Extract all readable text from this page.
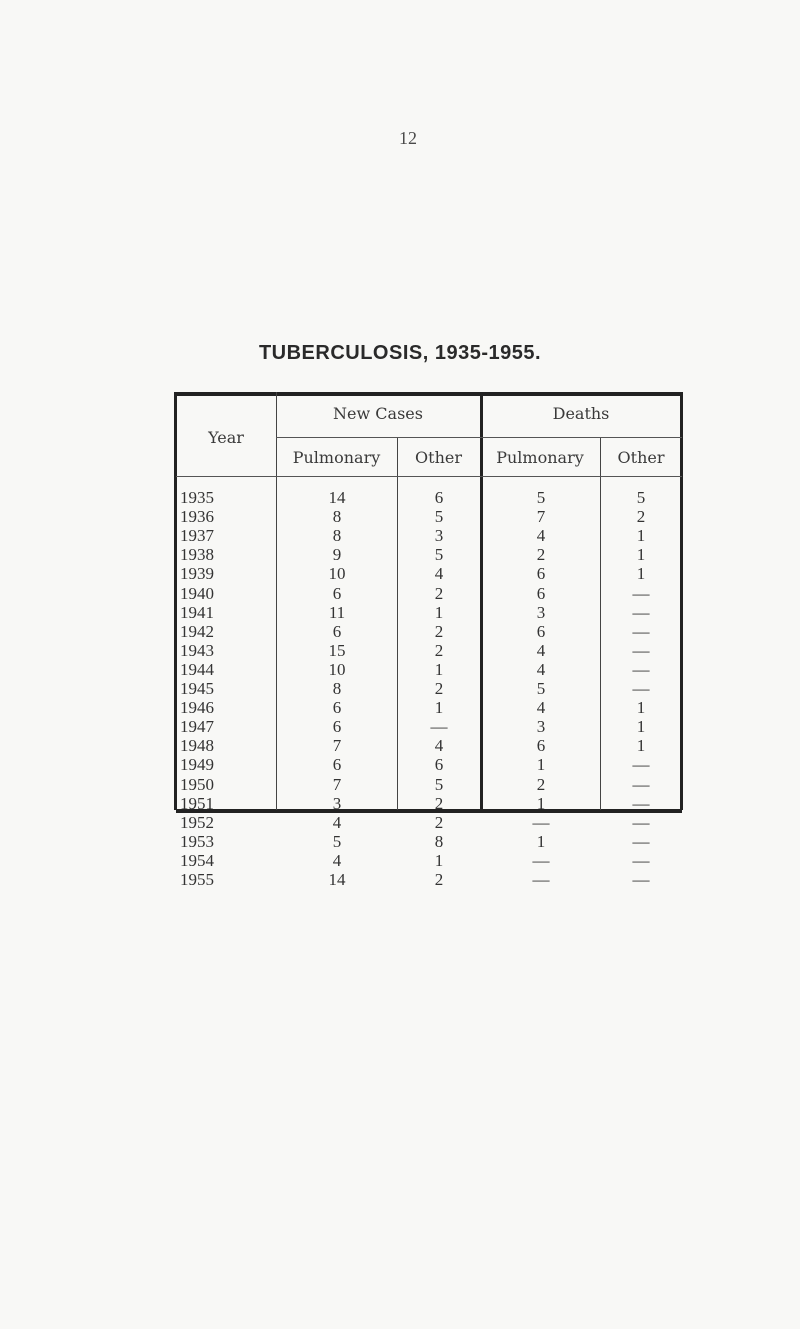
12
TUBERCULOSIS, 1935-1955.
Year
New Cases	Deaths
Pulmonary	Other	Pulmonary	Other
1935	14	6	5	5
1936	8	5	7	2
1937	8	3	4	1
1938	9	5	2	1
1939	10	4	6	1
1940	6	2	6	—
1941	11	1	3	—
1942	6	2	6	—
1943	15	2	4	—
1944	10	1	4	—
1945	8	2	5	—
1946	6	1	4	1
1947	6	—	3	1
1948	7	4	6	1
1949	6	6	1	—
1950	7	5	2	—
1951	3	2	1	—
1952	4	2	—	—
1953	5	8	1	—
1954	4	1	—	—
1955	14	2	—	—
